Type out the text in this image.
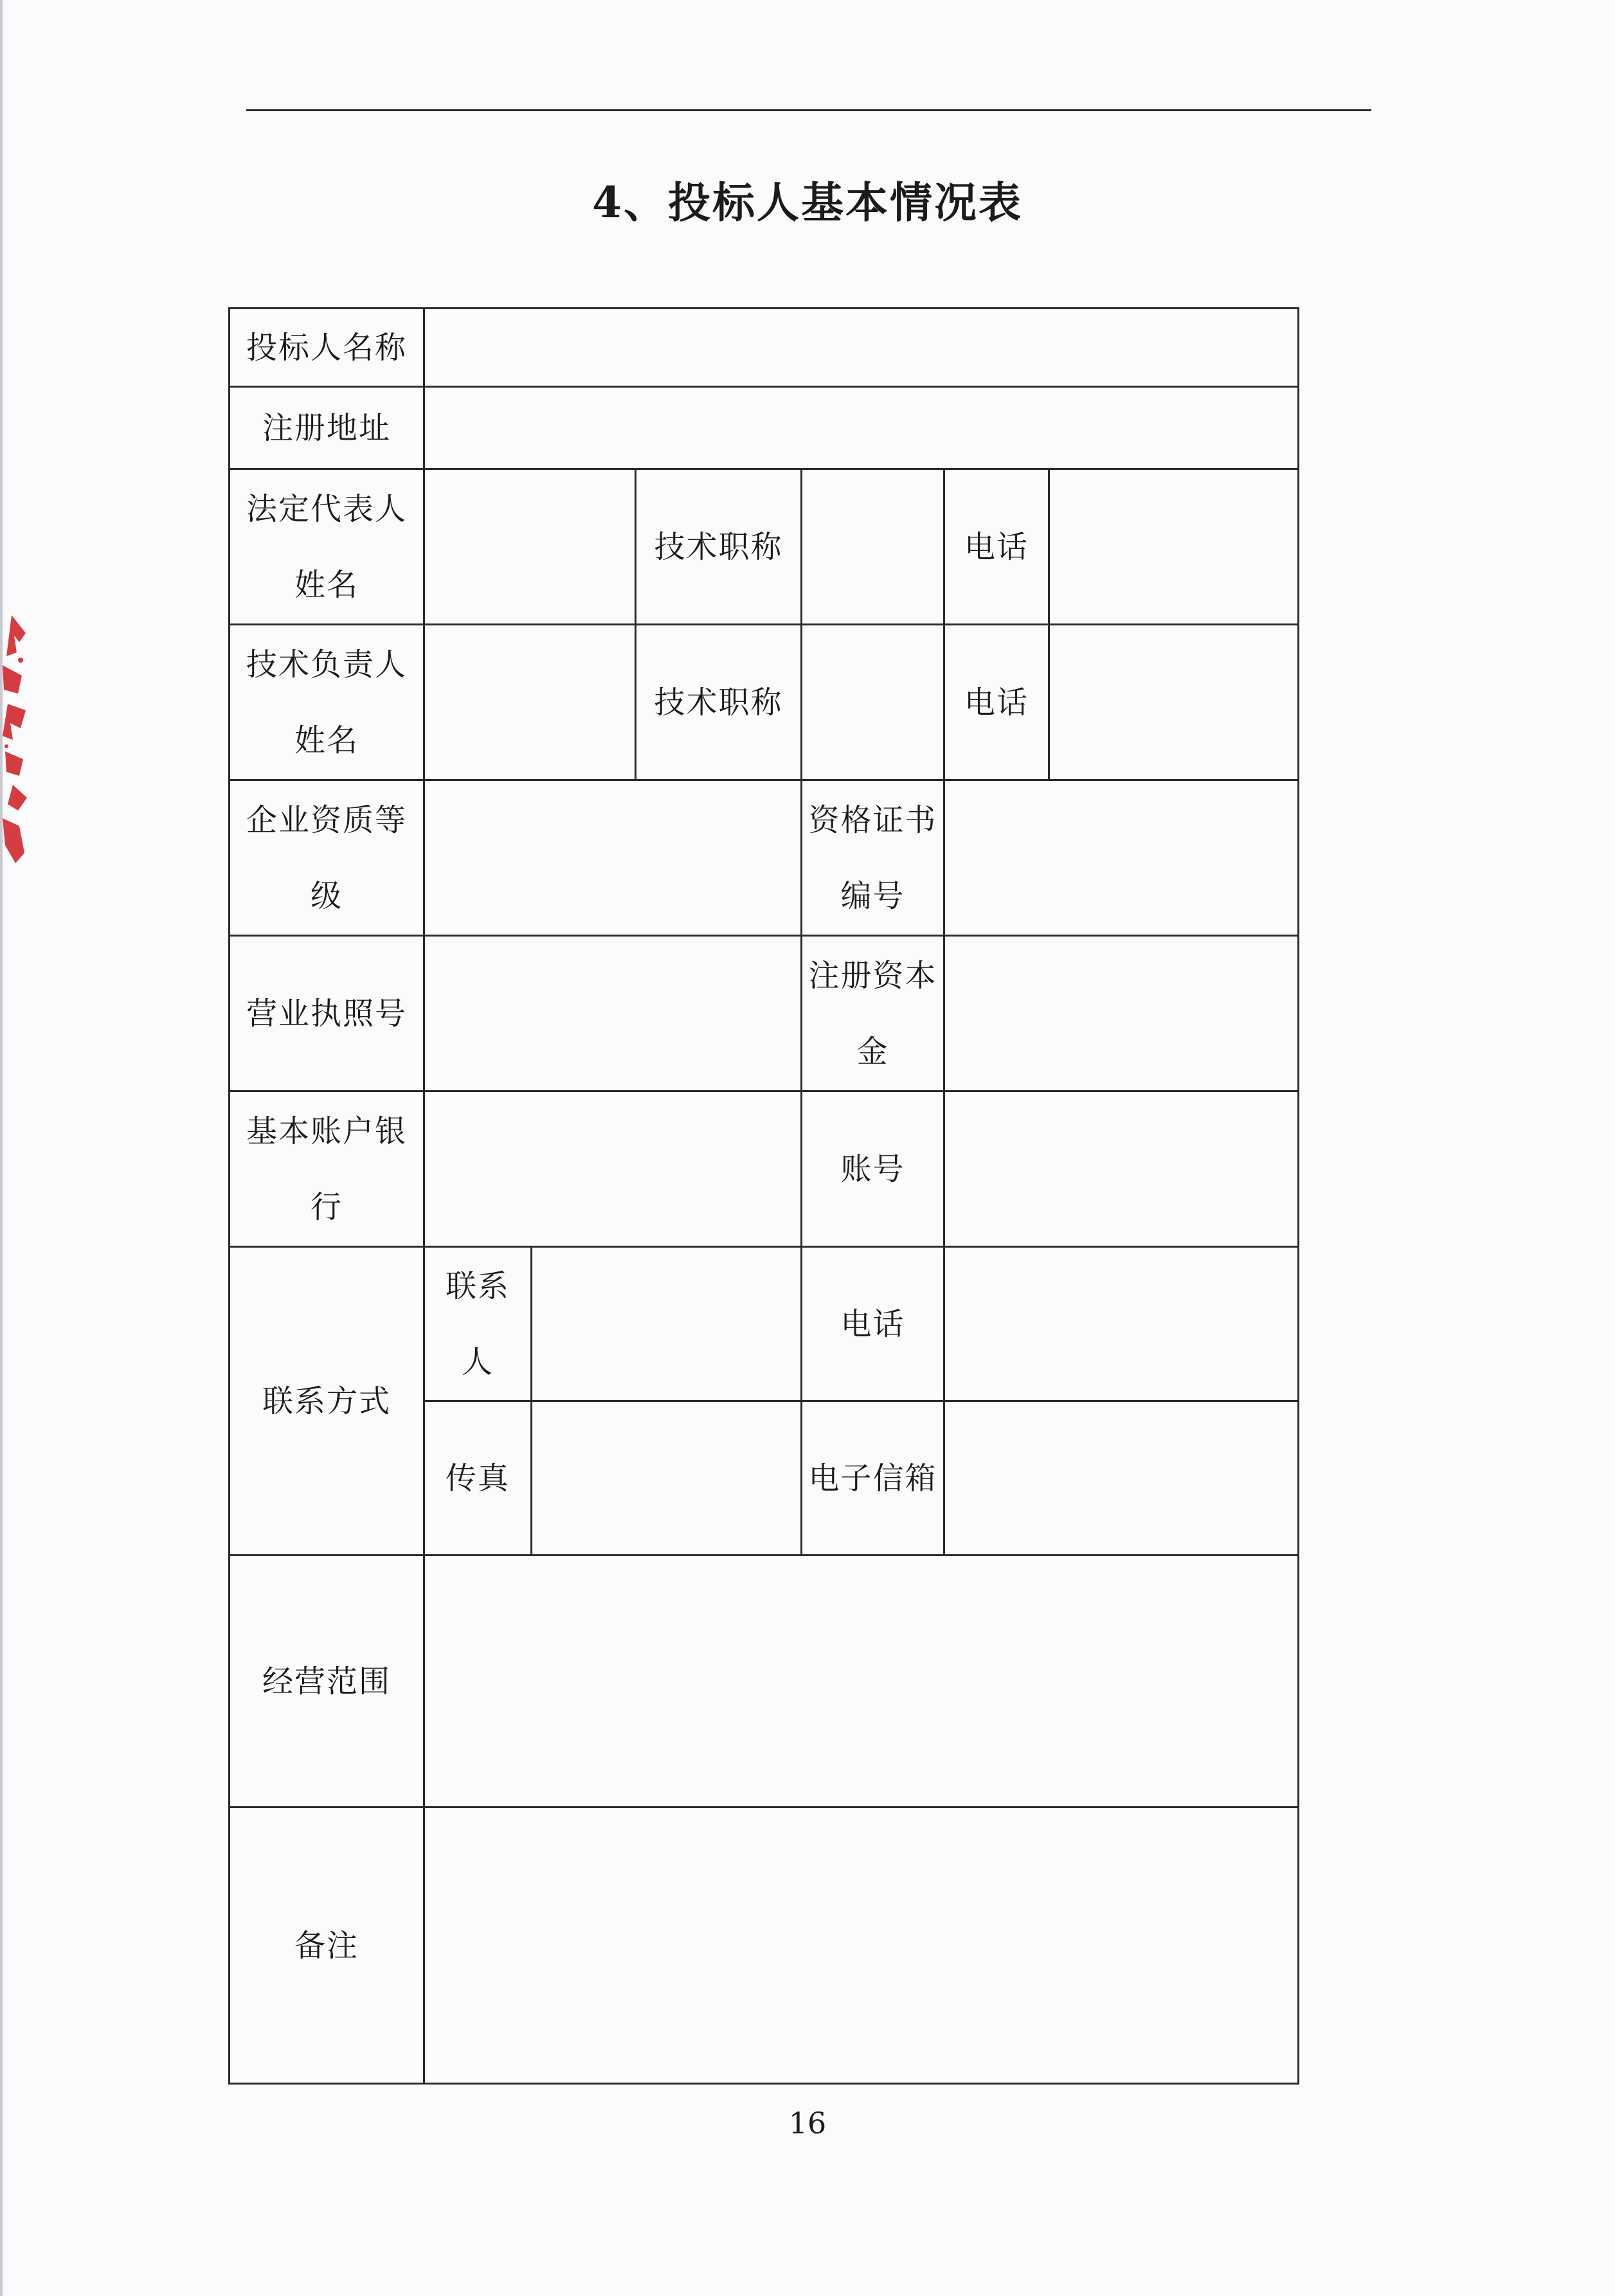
4、投标人基本情况表
投标人名称						
注册地址						
法定代表人姓名			技术职称		电话	
技术负责人姓名			技术职称		电话	
企业资质等级				资格证书编号		
营业执照号				注册资本金		
基本账户银行				账号		
联系方式	联系人			电话		
	传真			电子信箱		
经营范围						
备注						
16
